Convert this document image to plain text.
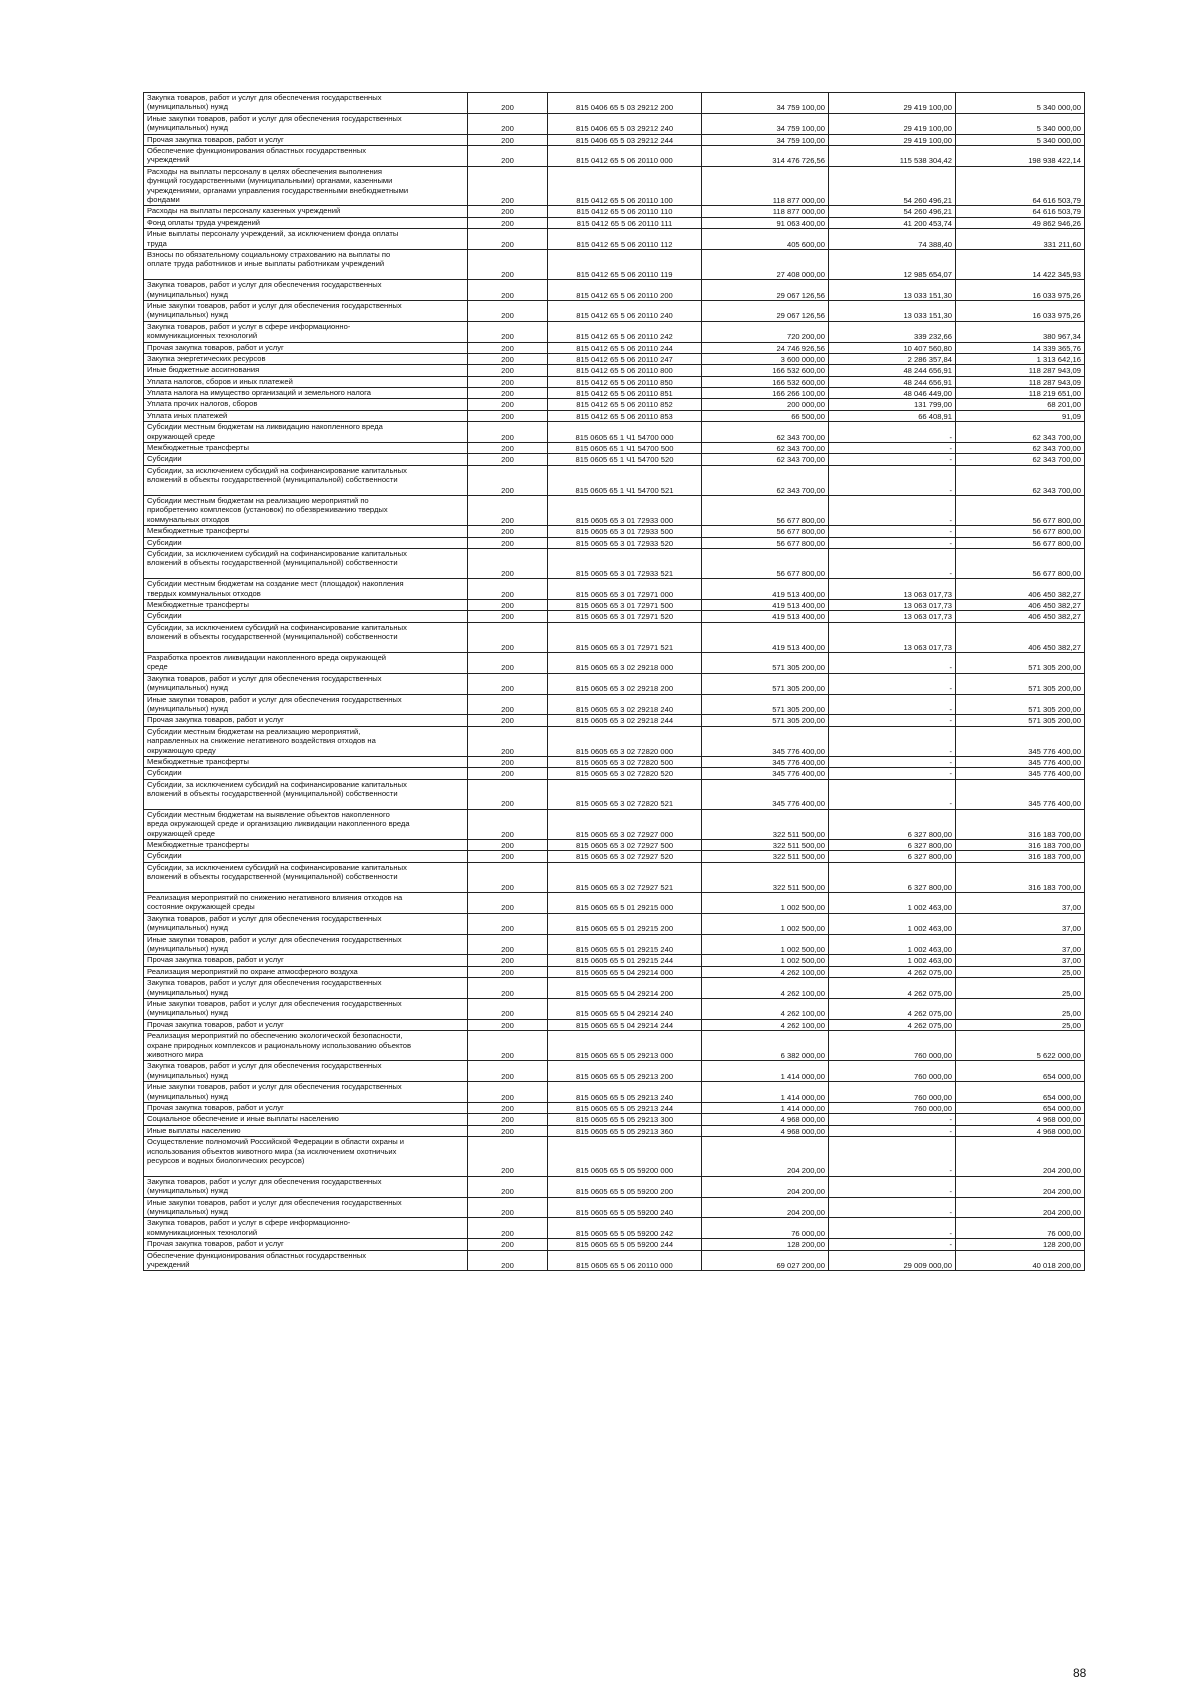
Закупка товаров, работ и услуг для обеспечения государственных
(муниципальных) нужд	200	815 0406 65 5 03 29212 200	34 759 100,00	29 419 100,00	5 340 000,00
Иные закупки товаров, работ и услуг для обеспечения государственных
(муниципальных) нужд	200	815 0406 65 5 03 29212 240	34 759 100,00	29 419 100,00	5 340 000,00
Прочая закупка товаров, работ и услуг	200	815 0406 65 5 03 29212 244	34 759 100,00	29 419 100,00	5 340 000,00
Обеспечение функционирования областных государственных
учреждений	200	815 0412 65 5 06 20110 000	314 476 726,56	115 538 304,42	198 938 422,14
Расходы на выплаты персоналу в целях обеспечения выполнения
функций государственными (муниципальными) органами, казенными
учреждениями, органами управления государственными внебюджетными
фондами	200	815 0412 65 5 06 20110 100	118 877 000,00	54 260 496,21	64 616 503,79
Расходы на выплаты персоналу казенных учреждений	200	815 0412 65 5 06 20110 110	118 877 000,00	54 260 496,21	64 616 503,79
Фонд оплаты труда учреждений	200	815 0412 65 5 06 20110 111	91 063 400,00	41 200 453,74	49 862 946,26
Иные выплаты персоналу учреждений, за исключением фонда оплаты
труда	200	815 0412 65 5 06 20110 112	405 600,00	74 388,40	331 211,60
Взносы по обязательному социальному страхованию на выплаты по
оплате труда работников и иные выплаты работникам учреждений	200	815 0412 65 5 06 20110 119	27 408 000,00	12 985 654,07	14 422 345,93
Закупка товаров, работ и услуг для обеспечения государственных
(муниципальных) нужд	200	815 0412 65 5 06 20110 200	29 067 126,56	13 033 151,30	16 033 975,26
Иные закупки товаров, работ и услуг для обеспечения государственных
(муниципальных) нужд	200	815 0412 65 5 06 20110 240	29 067 126,56	13 033 151,30	16 033 975,26
Закупка товаров, работ и услуг в сфере информационно-
коммуникационных технологий	200	815 0412 65 5 06 20110 242	720 200,00	339 232,66	380 967,34
Прочая закупка товаров, работ и услуг	200	815 0412 65 5 06 20110 244	24 746 926,56	10 407 560,80	14 339 365,76
Закупка энергетических ресурсов	200	815 0412 65 5 06 20110 247	3 600 000,00	2 286 357,84	1 313 642,16
Иные бюджетные ассигнования	200	815 0412 65 5 06 20110 800	166 532 600,00	48 244 656,91	118 287 943,09
Уплата налогов, сборов и иных платежей	200	815 0412 65 5 06 20110 850	166 532 600,00	48 244 656,91	118 287 943,09
Уплата налога на имущество организаций и земельного налога	200	815 0412 65 5 06 20110 851	166 266 100,00	48 046 449,00	118 219 651,00
Уплата прочих налогов, сборов	200	815 0412 65 5 06 20110 852	200 000,00	131 799,00	68 201,00
Уплата иных платежей	200	815 0412 65 5 06 20110 853	66 500,00	66 408,91	91,09
Субсидии местным бюджетам на ликвидацию накопленного вреда
окружающей среде	200	815 0605 65 1 Ч1 54700 000	62 343 700,00	-	62 343 700,00
Межбюджетные трансферты	200	815 0605 65 1 Ч1 54700 500	62 343 700,00	-	62 343 700,00
Субсидии	200	815 0605 65 1 Ч1 54700 520	62 343 700,00	-	62 343 700,00
Субсидии, за исключением субсидий на софинансирование капитальных
вложений в объекты государственной (муниципальной) собственности	200	815 0605 65 1 Ч1 54700 521	62 343 700,00	-	62 343 700,00
Субсидии местным бюджетам на реализацию мероприятий по
приобретению комплексов (установок) по обезвреживанию твердых
коммунальных отходов	200	815 0605 65 3 01 72933 000	56 677 800,00	-	56 677 800,00
Межбюджетные трансферты	200	815 0605 65 3 01 72933 500	56 677 800,00	-	56 677 800,00
Субсидии	200	815 0605 65 3 01 72933 520	56 677 800,00	-	56 677 800,00
Субсидии, за исключением субсидий на софинансирование капитальных
вложений в объекты государственной (муниципальной) собственности	200	815 0605 65 3 01 72933 521	56 677 800,00	-	56 677 800,00
Субсидии местным бюджетам на создание мест (площадок) накопления
твердых коммунальных отходов	200	815 0605 65 3 01 72971 000	419 513 400,00	13 063 017,73	406 450 382,27
Межбюджетные трансферты	200	815 0605 65 3 01 72971 500	419 513 400,00	13 063 017,73	406 450 382,27
Субсидии	200	815 0605 65 3 01 72971 520	419 513 400,00	13 063 017,73	406 450 382,27
Субсидии, за исключением субсидий на софинансирование капитальных
вложений в объекты государственной (муниципальной) собственности	200	815 0605 65 3 01 72971 521	419 513 400,00	13 063 017,73	406 450 382,27
Разработка проектов ликвидации накопленного вреда окружающей
среде	200	815 0605 65 3 02 29218 000	571 305 200,00	-	571 305 200,00
Закупка товаров, работ и услуг для обеспечения государственных
(муниципальных) нужд	200	815 0605 65 3 02 29218 200	571 305 200,00	-	571 305 200,00
Иные закупки товаров, работ и услуг для обеспечения государственных
(муниципальных) нужд	200	815 0605 65 3 02 29218 240	571 305 200,00	-	571 305 200,00
Прочая закупка товаров, работ и услуг	200	815 0605 65 3 02 29218 244	571 305 200,00	-	571 305 200,00
Субсидии местным бюджетам на реализацию мероприятий,
направленных на снижение негативного воздействия отходов на
окружающую среду	200	815 0605 65 3 02 72820 000	345 776 400,00	-	345 776 400,00
Межбюджетные трансферты	200	815 0605 65 3 02 72820 500	345 776 400,00	-	345 776 400,00
Субсидии	200	815 0605 65 3 02 72820 520	345 776 400,00	-	345 776 400,00
Субсидии, за исключением субсидий на софинансирование капитальных
вложений в объекты государственной (муниципальной) собственности	200	815 0605 65 3 02 72820 521	345 776 400,00	-	345 776 400,00
Субсидии местным бюджетам на выявление объектов накопленного
вреда окружающей среде и организацию ликвидации накопленного вреда
окружающей среде	200	815 0605 65 3 02 72927 000	322 511 500,00	6 327 800,00	316 183 700,00
Межбюджетные трансферты	200	815 0605 65 3 02 72927 500	322 511 500,00	6 327 800,00	316 183 700,00
Субсидии	200	815 0605 65 3 02 72927 520	322 511 500,00	6 327 800,00	316 183 700,00
Субсидии, за исключением субсидий на софинансирование капитальных
вложений в объекты государственной (муниципальной) собственности	200	815 0605 65 3 02 72927 521	322 511 500,00	6 327 800,00	316 183 700,00
Реализация мероприятий по снижению негативного влияния отходов на
состояние окружающей среды	200	815 0605 65 5 01 29215 000	1 002 500,00	1 002 463,00	37,00
Закупка товаров, работ и услуг для обеспечения государственных
(муниципальных) нужд	200	815 0605 65 5 01 29215 200	1 002 500,00	1 002 463,00	37,00
Иные закупки товаров, работ и услуг для обеспечения государственных
(муниципальных) нужд	200	815 0605 65 5 01 29215 240	1 002 500,00	1 002 463,00	37,00
Прочая закупка товаров, работ и услуг	200	815 0605 65 5 01 29215 244	1 002 500,00	1 002 463,00	37,00
Реализация мероприятий по охране атмосферного воздуха	200	815 0605 65 5 04 29214 000	4 262 100,00	4 262 075,00	25,00
Закупка товаров, работ и услуг для обеспечения государственных
(муниципальных) нужд	200	815 0605 65 5 04 29214 200	4 262 100,00	4 262 075,00	25,00
Иные закупки товаров, работ и услуг для обеспечения государственных
(муниципальных) нужд	200	815 0605 65 5 04 29214 240	4 262 100,00	4 262 075,00	25,00
Прочая закупка товаров, работ и услуг	200	815 0605 65 5 04 29214 244	4 262 100,00	4 262 075,00	25,00
Реализация мероприятий по обеспечению экологической безопасности,
охране природных комплексов и рациональному использованию объектов
животного мира	200	815 0605 65 5 05 29213 000	6 382 000,00	760 000,00	5 622 000,00
Закупка товаров, работ и услуг для обеспечения государственных
(муниципальных) нужд	200	815 0605 65 5 05 29213 200	1 414 000,00	760 000,00	654 000,00
Иные закупки товаров, работ и услуг для обеспечения государственных
(муниципальных) нужд	200	815 0605 65 5 05 29213 240	1 414 000,00	760 000,00	654 000,00
Прочая закупка товаров, работ и услуг	200	815 0605 65 5 05 29213 244	1 414 000,00	760 000,00	654 000,00
Социальное обеспечение и иные выплаты населению	200	815 0605 65 5 05 29213 300	4 968 000,00	-	4 968 000,00
Иные выплаты населению	200	815 0605 65 5 05 29213 360	4 968 000,00	-	4 968 000,00
Осуществление полномочий Российской Федерации в области охраны и
использования объектов животного мира (за исключением охотничьих
ресурсов и водных биологических ресурсов)	200	815 0605 65 5 05 59200 000	204 200,00	-	204 200,00
Закупка товаров, работ и услуг для обеспечения государственных
(муниципальных) нужд	200	815 0605 65 5 05 59200 200	204 200,00	-	204 200,00
Иные закупки товаров, работ и услуг для обеспечения государственных
(муниципальных) нужд	200	815 0605 65 5 05 59200 240	204 200,00	-	204 200,00
Закупка товаров, работ и услуг в сфере информационно-
коммуникационных технологий	200	815 0605 65 5 05 59200 242	76 000,00	-	76 000,00
Прочая закупка товаров, работ и услуг	200	815 0605 65 5 05 59200 244	128 200,00	-	128 200,00
Обеспечение функционирования областных государственных
учреждений	200	815 0605 65 5 06 20110 000	69 027 200,00	29 009 000,00	40 018 200,00
88
